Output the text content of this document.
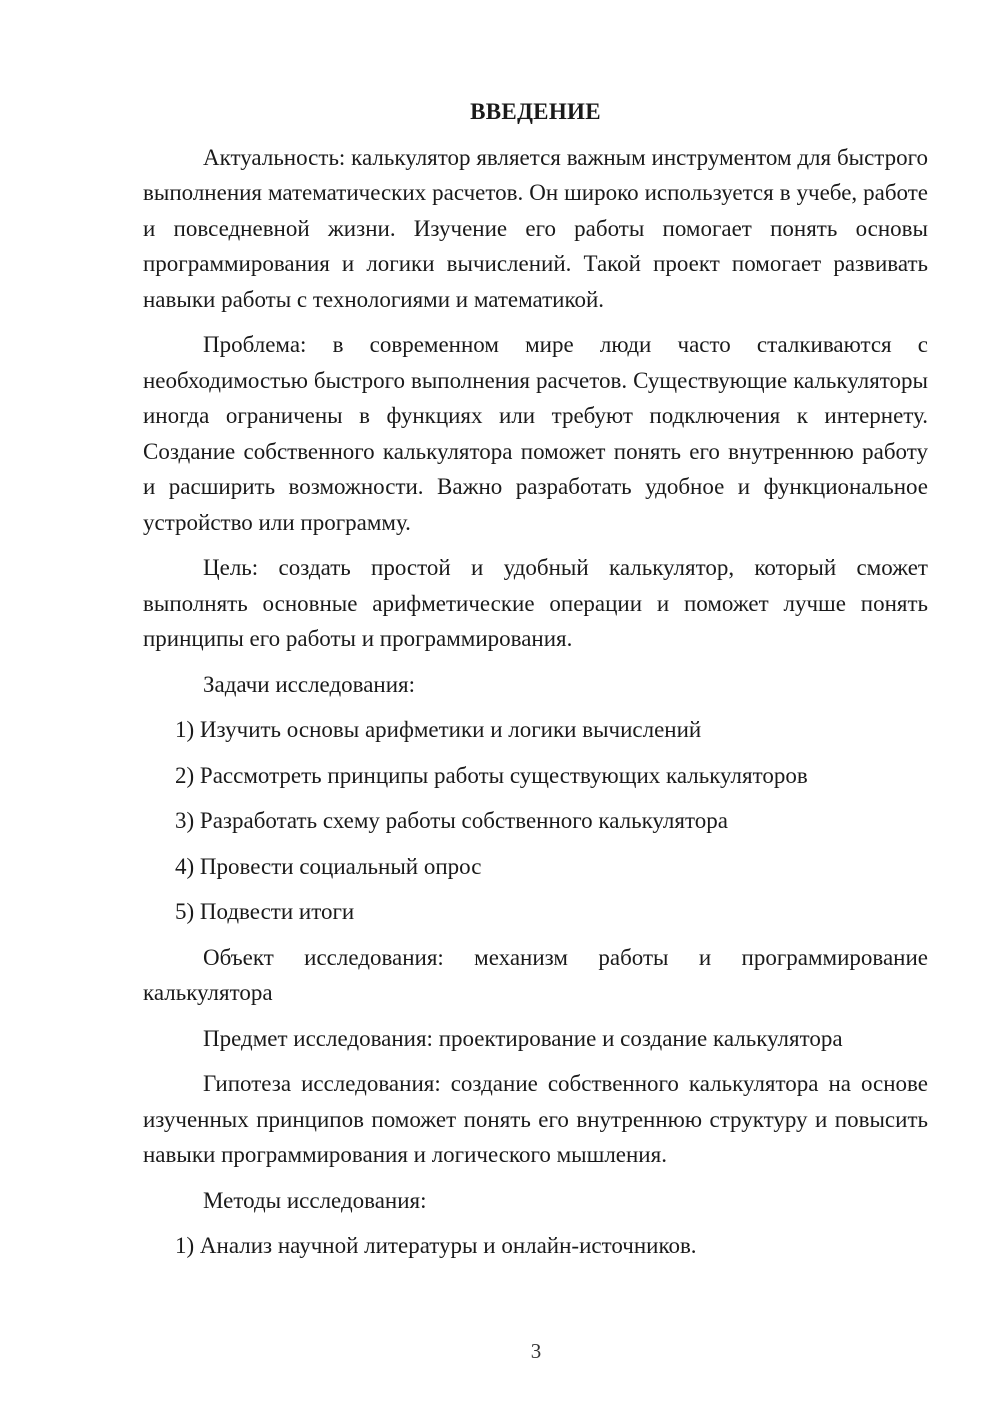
ВВЕДЕНИЕ

Актуальность: калькулятор является важным инструментом для быстрого выполнения математических расчетов. Он широко используется в учебе, работе и повседневной жизни. Изучение его работы помогает понять основы программирования и логики вычислений. Такой проект помогает развивать навыки работы с технологиями и математикой.

Проблема: в современном мире люди часто сталкиваются с необходимостью быстрого выполнения расчетов. Существующие калькуляторы иногда ограничены в функциях или требуют подключения к интернету. Создание собственного калькулятора поможет понять его внутреннюю работу и расширить возможности. Важно разработать удобное и функциональное устройство или программу.

Цель: создать простой и удобный калькулятор, который сможет выполнять основные арифметические операции и поможет лучше понять принципы его работы и программирования.

Задачи исследования:

1) Изучить основы арифметики и логики вычислений

2) Рассмотреть принципы работы существующих калькуляторов

3) Разработать схему работы собственного калькулятора

4) Провести социальный опрос

5) Подвести итоги

Объект исследования: механизм работы и программирование калькулятора

Предмет исследования: проектирование и создание калькулятора

Гипотеза исследования: создание собственного калькулятора на основе изученных принципов поможет понять его внутреннюю структуру и повысить навыки программирования и логического мышления.

Методы исследования:

1) Анализ научной литературы и онлайн-источников.

3
